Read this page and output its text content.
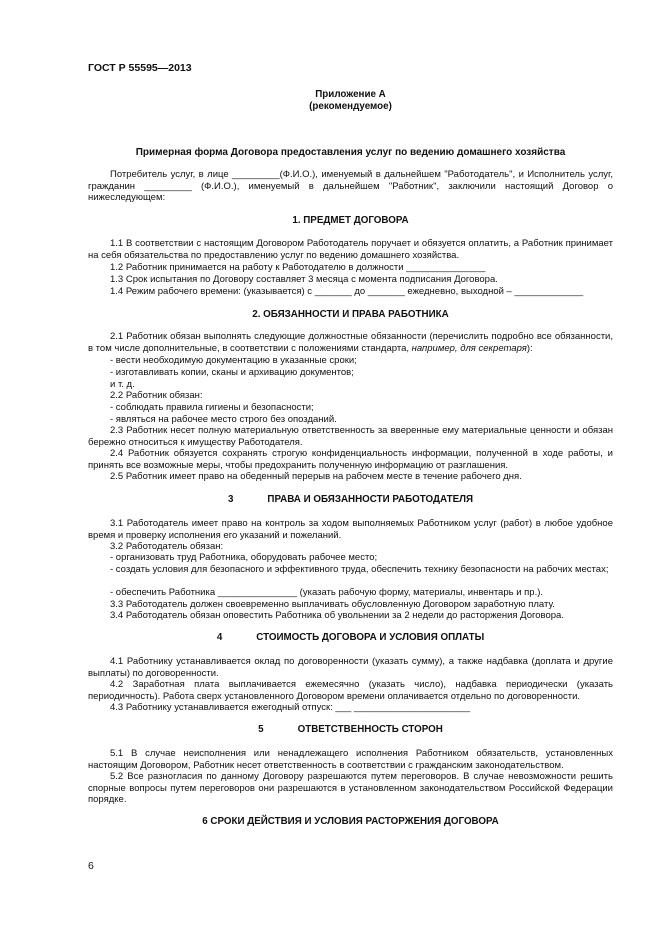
ГОСТ Р 55595—2013
Приложение А
(рекомендуемое)
Примерная форма Договора предоставления услуг по ведению домашнего хозяйства

Потребитель услуг, в лице _________(Ф.И.О.), именуемый в дальнейшем "Работодатель", и Исполнитель услуг, гражданин _________ (Ф.И.О.), именуемый в дальнейшем "Работник", заключили настоящий Договор о нижеследующем:

1. ПРЕДМЕТ ДОГОВОРА

1.1 В соответствии с настоящим Договором Работодатель поручает и обязуется оплатить, а Работник принимает на себя обязательства по предоставлению услуг по ведению домашнего хозяйства.

1.2 Работник принимается на работу к Работодателю в должности _______________
1.3 Срок испытания по Договору составляет 3 месяца с момента подписания Договора.
1.4 Режим рабочего времени: (указывается) с _______ до _______ ежедневно, выходной – _____________
2. ОБЯЗАННОСТИ И ПРАВА РАБОТНИКА

2.1 Работник обязан выполнять следующие должностные обязанности (перечислить подробно все обязанности, в том числе дополнительные, в соответствии с положениями стандарта, например, для секретаря):

- вести необходимую документацию в указанные сроки;
- изготавливать копии, сканы и архивацию документов;
и т. д.
2.2 Работник обязан:
- соблюдать правила гигиены и безопасности;
- являться на рабочее место строго без опозданий.

2.3 Работник несет полную материальную ответственность за вверенные ему материальные ценности и обязан бережно относиться к имуществу Работодателя.

2.4 Работник обязуется сохранять строгую конфиденциальность информации, полученной в ходе работы, и принять все возможные меры, чтобы предохранить полученную информацию от разглашения.

2.5 Работник имеет право на обеденный перерыв на рабочем месте в течение рабочего дня.
3	ПРАВА И ОБЯЗАННОСТИ РАБОТОДАТЕЛЯ

3.1 Работодатель имеет право на контроль за ходом выполняемых Работником услуг (работ) в любое удобное время и проверку исполнения его указаний и пожеланий.

3.2 Работодатель обязан:
- организовать труд Работника, оборудовать рабочее место;

- создать условия для безопасного и эффективного труда, обеспечить технику безопасности на рабочих местах;

- обеспечить Работника _______________ (указать рабочую форму, материалы, инвентарь и пр.).
3.3 Работодатель должен своевременно выплачивать обусловленную Договором заработную плату.
3.4 Работодатель обязан оповестить Работника об увольнении за 2 недели до расторжения Договора.
4	СТОИМОСТЬ ДОГОВОРА И УСЛОВИЯ ОПЛАТЫ

4.1 Работнику устанавливается оклад по договоренности (указать сумму), а также надбавка (доплата и другие выплаты) по договоренности.

4.2 Заработная плата выплачивается ежемесячно (указать число), надбавка периодически (указать периодичность). Работа сверх установленного Договором времени оплачивается отдельно по договоренности.

4.3 Работнику устанавливается ежегодный отпуск: ___ ______________________
5	ОТВЕТСТВЕННОСТЬ СТОРОН

5.1 В случае неисполнения или ненадлежащего исполнения Работником обязательств, установленных настоящим Договором, Работник несет ответственность в соответствии с гражданским законодательством.

5.2 Все разногласия по данному Договору разрешаются путем переговоров. В случае невозможности решить спорные вопросы путем переговоров они разрешаются в установленном законодательством Российской Федерации порядке.

6 СРОКИ ДЕЙСТВИЯ И УСЛОВИЯ РАСТОРЖЕНИЯ ДОГОВОРА
6
